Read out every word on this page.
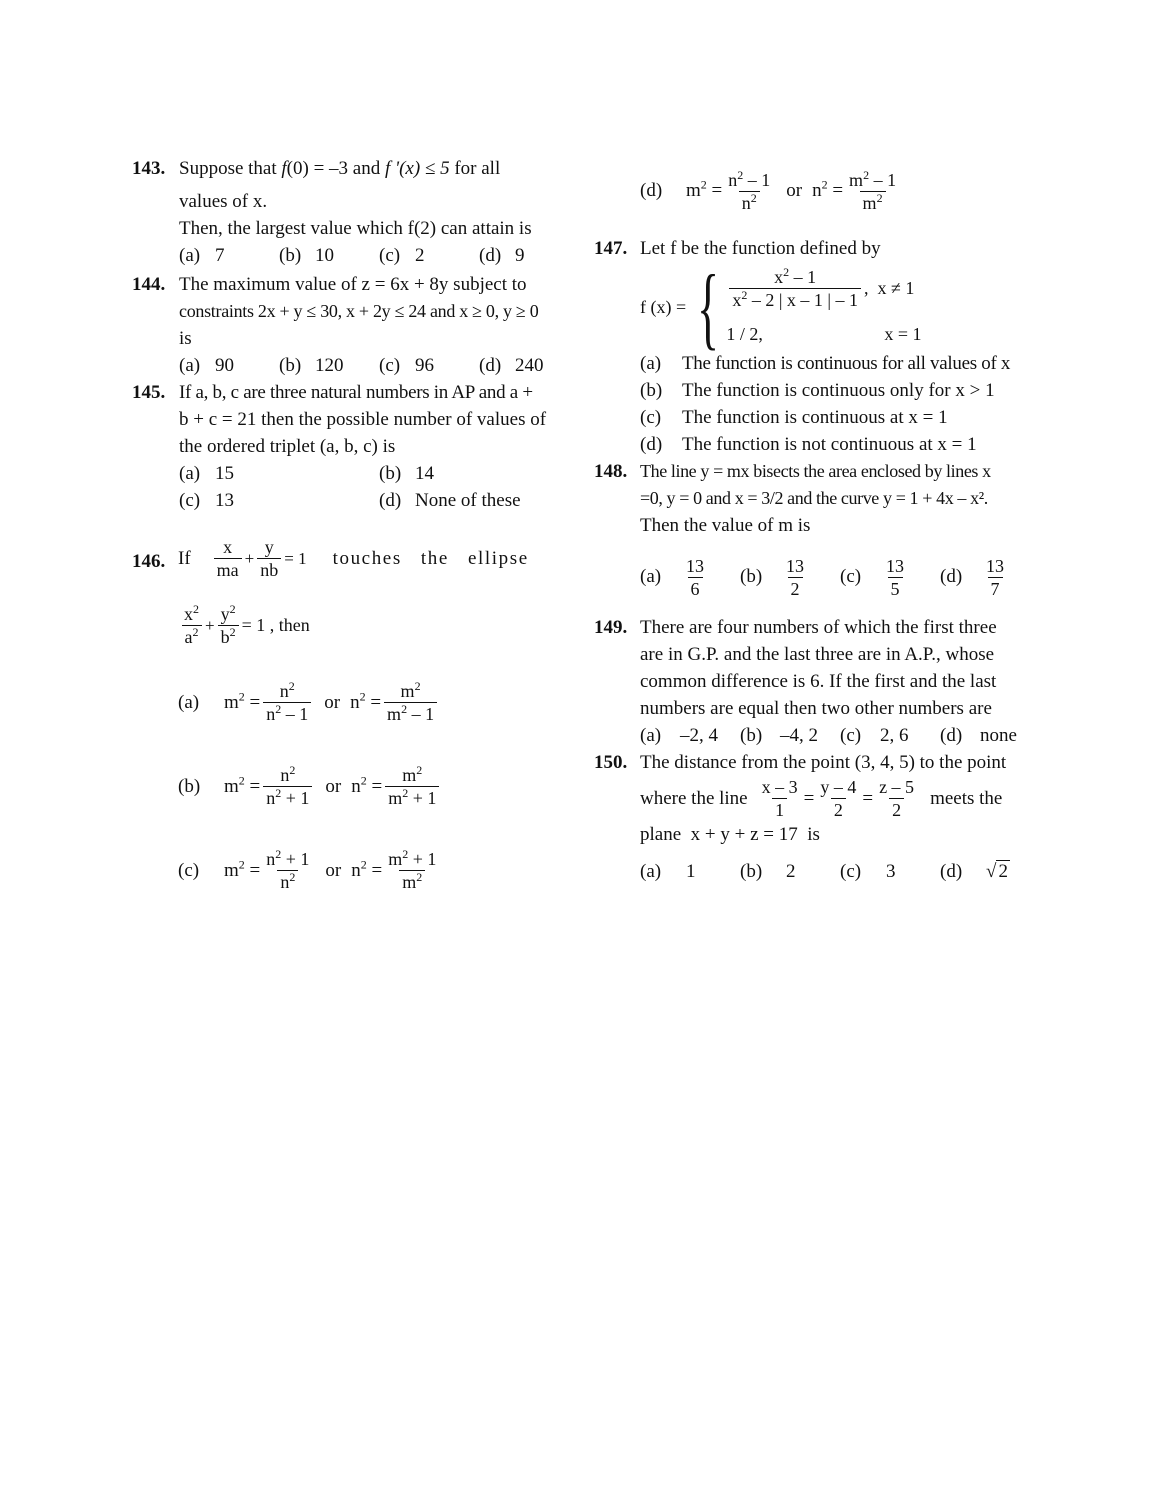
143. Suppose that f(0) = –3 and f '(x) ≤ 5 for all
values of x.
Then, the largest value which f(2) can attain is
(a) 7	(b) 10	(c) 2	(d) 9
144. The maximum value of z = 6x + 8y subject to
constraints 2x + y ≤ 30, x + 2y ≤ 24 and x ≥ 0, y ≥ 0
is
(a) 90	(b) 120	(c) 96	(d) 240
145. If a, b, c are three natural numbers in AP and a +
b + c = 21 then the possible number of values of
the ordered triplet (a, b, c) is
(a) 15	(b) 14
(c) 13	(d) None of these
146. If $\frac{x}{ma} + \frac{y}{nb} = 1$ touches   the   ellipse
$\frac{x^2}{a^2} + \frac{y^2}{b^2} = 1$ , then
(a)	$m^2 = \frac{n^2}{n^2 - 1}$ or $n^2 = \frac{m^2}{m^2 - 1}$
(b)	$m^2 = \frac{n^2}{n^2 + 1}$ or $n^2 = \frac{m^2}{m^2 + 1}$
(c)	$m^2 = \frac{n^2 + 1}{n^2}$ or $n^2 = \frac{m^2 + 1}{m^2}$
(d)	$m^2 = \frac{n^2 - 1}{n^2}$ or $n^2 = \frac{m^2 - 1}{m^2}$
147. Let f be the function defined by
f (x) = { $\frac{x^2 - 1}{x^2 - 2 | x - 1 | - 1}$ ,  x ≠ 1
1 / 2,	x = 1
(a)	The function is continuous for all values of x
(b)	The function is continuous only for x > 1
(c)	The function is continuous at x = 1
(d)	The function is not continuous at x = 1
148. The line y = mx bisects the area enclosed by lines x
=0, y = 0 and x = 3/2 and the curve y = 1 + 4x – x².
Then the value of m is
$(a) \frac{13}{6} (b) \frac{13}{2} (c) \frac{13}{5} (d) \frac{13}{7}$
149. There are four numbers of which the first three
are in G.P. and the last three are in A.P., whose
common difference is 6. If the first and the last
numbers are equal then two other numbers are
(a) –2, 4	(b) –4, 2	(c) 2, 6	(d) none
150. The distance from the point (3, 4, 5) to the point
where the line $\frac{x - 3}{1} = \frac{y - 4}{2} = \frac{z - 5}{2}$ meets the
plane  x + y + z = 17  is
(a) 1	(b) 2	(c) 3	(d) √ 2
